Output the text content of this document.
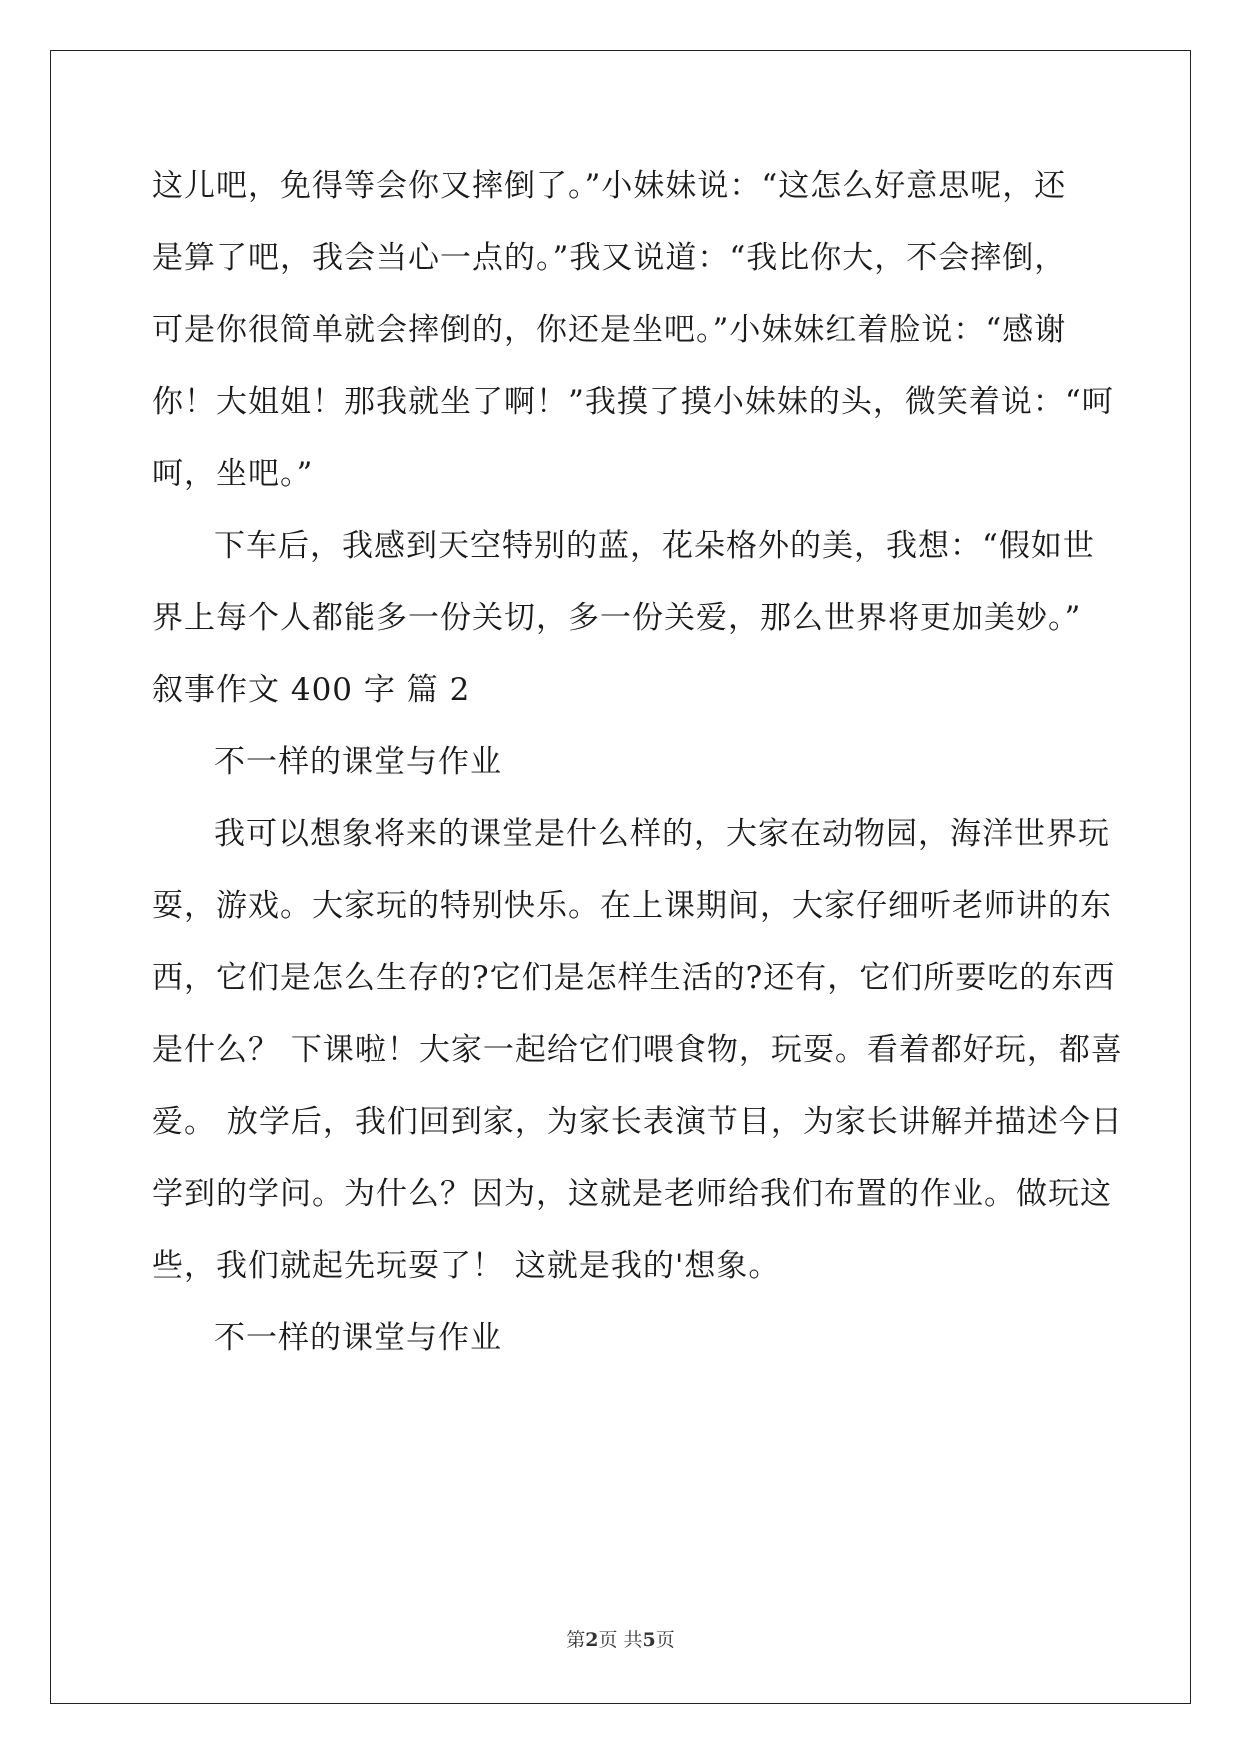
这儿吧，免得等会你又摔倒了。”小妹妹说：“这怎么好意思呢，还
是算了吧，我会当心一点的。”我又说道：“我比你大，不会摔倒，
可是你很简单就会摔倒的，你还是坐吧。”小妹妹红着脸说：“感谢
你！大姐姐！那我就坐了啊！”我摸了摸小妹妹的头，微笑着说：“呵
呵，坐吧。”
下车后，我感到天空特别的蓝，花朵格外的美，我想：“假如世
界上每个人都能多一份关切，多一份关爱，那么世界将更加美妙。”
叙事作文 400 字 篇 2
不一样的课堂与作业
我可以想象将来的课堂是什么样的，大家在动物园，海洋世界玩
耍，游戏。大家玩的特别快乐。在上课期间，大家仔细听老师讲的东
西，它们是怎么生存的?它们是怎样生活的?还有，它们所要吃的东西
是什么？ 下课啦！大家一起给它们喂食物，玩耍。看着都好玩，都喜
爱。 放学后，我们回到家，为家长表演节目，为家长讲解并描述今日
学到的学问。为什么？因为，这就是老师给我们布置的作业。做玩这
些，我们就起先玩耍了！ 这就是我的'想象。
不一样的课堂与作业
第2页 共5页
